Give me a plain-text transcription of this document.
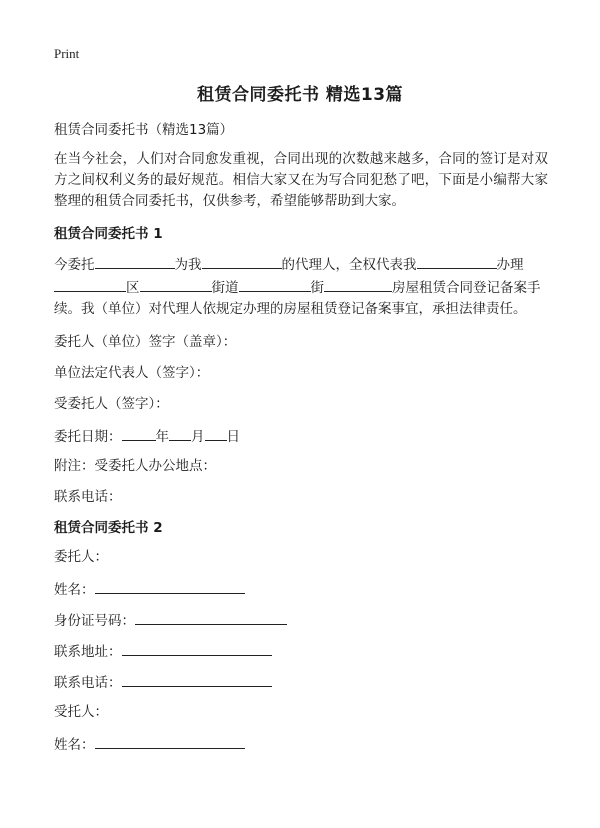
Print
租赁合同委托书 精选13篇
租赁合同委托书（精选13篇）
在当今社会，人们对合同愈发重视，合同出现的次数越来越多，合同的签订是对双方之间权利义务的最好规范。相信大家又在为写合同犯愁了吧，下面是小编帮大家整理的租赁合同委托书，仅供参考，希望能够帮助到大家。
租赁合同委托书 1
今委托	为我	的代理人，全权代表我	办理区	街道	街	房屋租赁合同登记备案手续。我（单位）对代理人依规定办理的房屋租赁登记备案事宜，承担法律责任。
委托人（单位）签字（盖章）：
单位法定代表人（签字）：
受委托人（签字）：
委托日期：	年 月 日
附注：受委托人办公地点：
联系电话：
租赁合同委托书 2
委托人：
姓名：
身份证号码：
联系地址：
联系电话：
受托人：
姓名：
